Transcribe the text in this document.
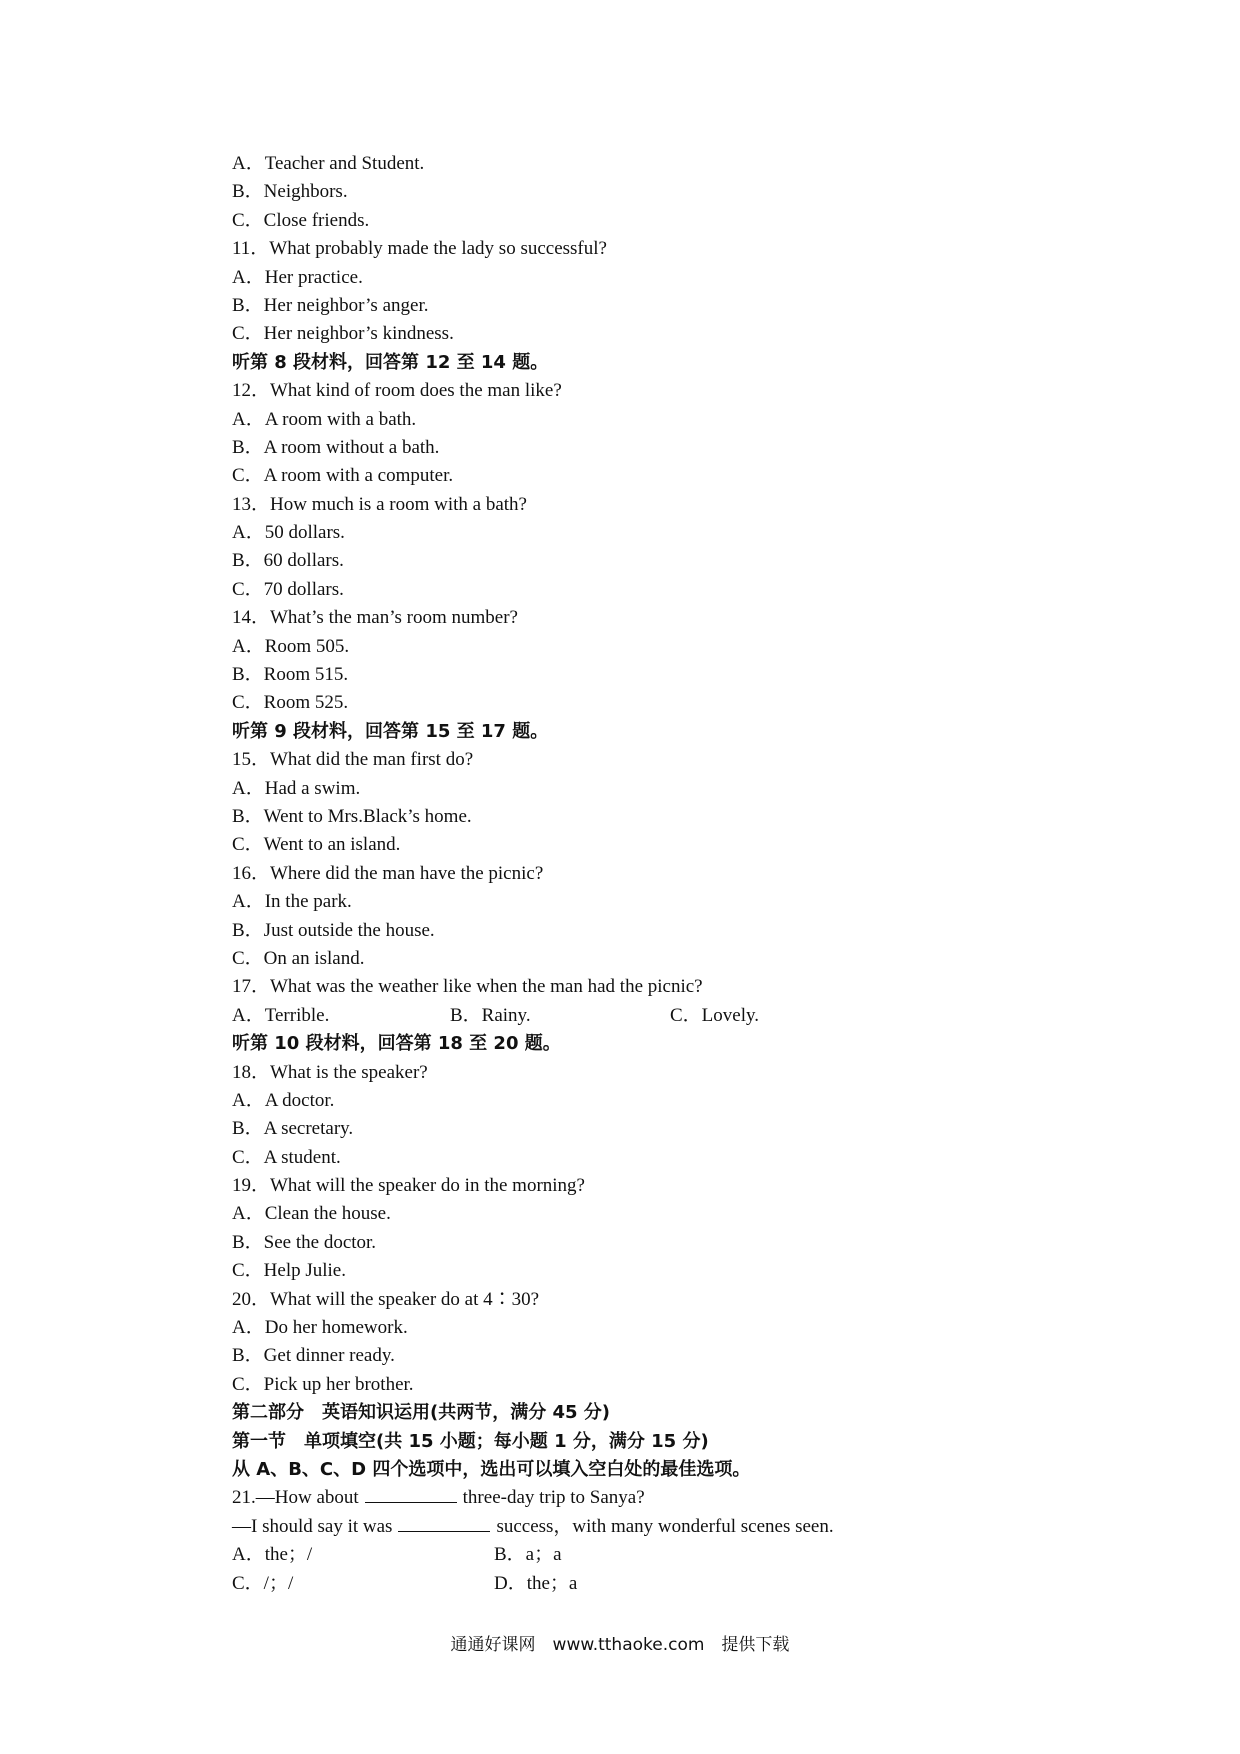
A．Teacher and Student.
B．Neighbors.
C．Close friends.
11．What probably made the lady so successful?
A．Her practice.
B．Her neighbor’s anger.
C．Her neighbor’s kindness.
听第 8 段材料，回答第 12 至 14 题。
12．What kind of room does the man like?
A．A room with a bath.
B．A room without a bath.
C．A room with a computer.
13．How much is a room with a bath?
A．50 dollars.
B．60 dollars.
C．70 dollars.
14．What’s the man’s room number?
A．Room 505.
B．Room 515.
C．Room 525.
听第 9 段材料，回答第 15 至 17 题。
15．What did the man first do?
A．Had a swim.
B．Went to Mrs.Black’s home.
C．Went to an island.
16．Where did the man have the picnic?
A．In the park.
B．Just outside the house.
C．On an island.
17．What was the weather like when the man had the picnic?
A．Terrible.	B．Rainy.	C．Lovely.
听第 10 段材料，回答第 18 至 20 题。
18．What is the speaker?
A．A doctor.
B．A secretary.
C．A student.
19．What will the speaker do in the morning?
A．Clean the house.
B．See the doctor.
C．Help Julie.
20．What will the speaker do at 4∶30?
A．Do her homework.
B．Get dinner ready.
C．Pick up her brother.
第二部分　英语知识运用(共两节，满分 45 分)
第一节　单项填空(共 15 小题；每小题 1 分，满分 15 分)
从 A、B、C、D 四个选项中，选出可以填入空白处的最佳选项。
21.—How about	three-day trip to Sanya?
—I should say it was	success，with many wonderful scenes seen.
A．the；/	B．a；a
C．/；/	D．the；a
通通好课网　www.tthaoke.com　提供下载
